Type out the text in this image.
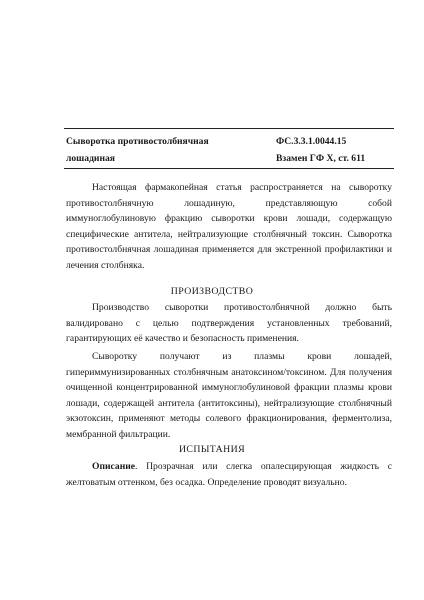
Сыворотка противостолбнячная
лошадиная
ФС.3.3.1.0044.15
Взамен ГФ X, ст. 611

Настоящая фармакопейная статья распространяется на сыворотку противостолбнячную лошадиную, представляющую собой иммуноглобулиновую фракцию сыворотки крови лошади, содержащую специфические антитела, нейтрализующие столбнячный токсин. Сыворотка противостолбнячная лошадиная применяется для экстренной профилактики и лечения столбняка.

ПРОИЗВОДСТВО

Производство сыворотки противостолбнячной должно быть валидировано с целью подтверждения установленных требований, гарантирующих её качество и безопасность применения.

Сыворотку получают из плазмы крови лошадей, гипериммунизированных столбнячным анатоксином/токсином. Для получения очищенной концентрированной иммуноглобулиновой фракции плазмы крови лошади, содержащей антитела (антитоксины), нейтрализующие столбнячный экзотоксин, применяют методы солевого фракционирования, ферментолиза, мембранной фильтрации.

ИСПЫТАНИЯ

Описание. Прозрачная или слегка опалесцирующая жидкость с желтоватым оттенком, без осадка. Определение проводят визуально.
